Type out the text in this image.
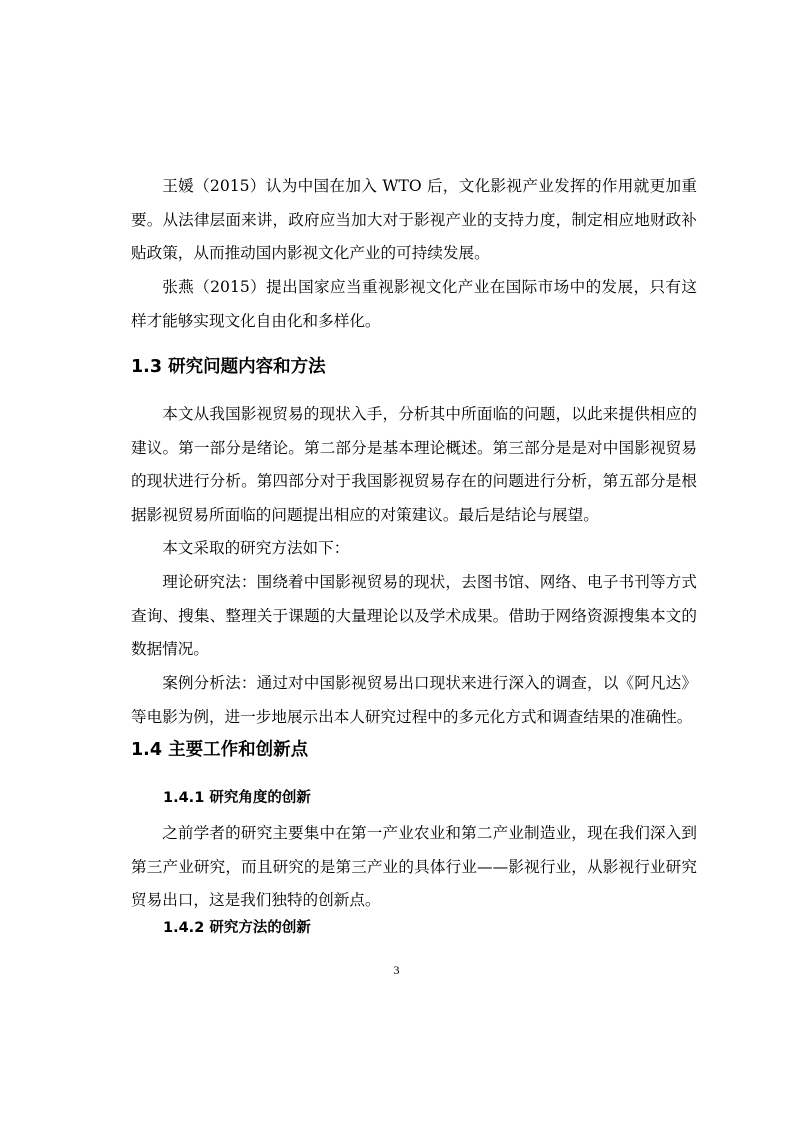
王媛（2015）认为中国在加入 WTO 后，文化影视产业发挥的作用就更加重要。从法律层面来讲，政府应当加大对于影视产业的支持力度，制定相应地财政补贴政策，从而推动国内影视文化产业的可持续发展。

张燕（2015）提出国家应当重视影视文化产业在国际市场中的发展，只有这样才能够实现文化自由化和多样化。

1.3 研究问题内容和方法

本文从我国影视贸易的现状入手，分析其中所面临的问题，以此来提供相应的建议。第一部分是绪论。第二部分是基本理论概述。第三部分是是对中国影视贸易的现状进行分析。第四部分对于我国影视贸易存在的问题进行分析，第五部分是根据影视贸易所面临的问题提出相应的对策建议。最后是结论与展望。

本文采取的研究方法如下：

理论研究法：围绕着中国影视贸易的现状，去图书馆、网络、电子书刊等方式查询、搜集、整理关于课题的大量理论以及学术成果。借助于网络资源搜集本文的数据情况。

案例分析法：通过对中国影视贸易出口现状来进行深入的调查，以《阿凡达》等电影为例，进一步地展示出本人研究过程中的多元化方式和调查结果的准确性。

1.4 主要工作和创新点
1.4.1 研究角度的创新

之前学者的研究主要集中在第一产业农业和第二产业制造业，现在我们深入到第三产业研究，而且研究的是第三产业的具体行业——影视行业，从影视行业研究贸易出口，这是我们独特的创新点。

1.4.2 研究方法的创新
3
